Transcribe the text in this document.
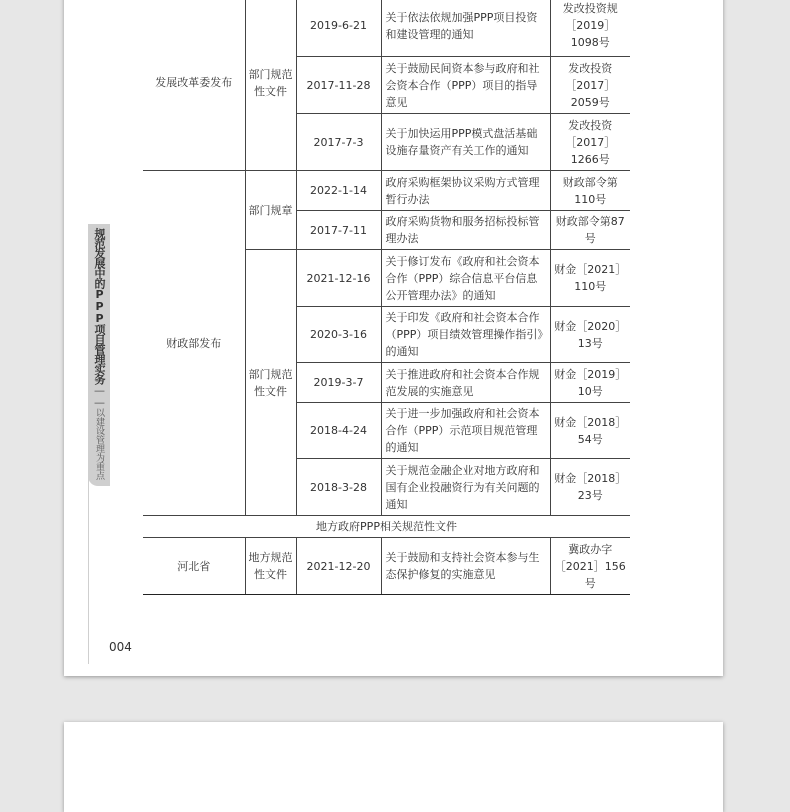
规范发展中的PPP项目管理实务——以建设管理为重点
发展改革委发布	部门规范性文件	2019-6-21	关于依法依规加强PPP项目投资和建设管理的通知	发改投资规［2019］1098号
		2017-11-28	关于鼓励民间资本参与政府和社会资本合作（PPP）项目的指导意见	发改投资［2017］2059号
		2017-7-3	关于加快运用PPP模式盘活基础设施存量资产有关工作的通知	发改投资［2017］1266号
财政部发布	部门规章	2022-1-14	政府采购框架协议采购方式管理暂行办法	财政部令第110号
		2017-7-11	政府采购货物和服务招标投标管理办法	财政部令第87号
	部门规范性文件	2021-12-16	关于修订发布《政府和社会资本合作（PPP）综合信息平台信息公开管理办法》的通知	财金［2021］110号
		2020-3-16	关于印发《政府和社会资本合作（PPP）项目绩效管理操作指引》的通知	财金［2020］13号
		2019-3-7	关于推进政府和社会资本合作规范发展的实施意见	财金［2019］10号
		2018-4-24	关于进一步加强政府和社会资本合作（PPP）示范项目规范管理的通知	财金［2018］54号
		2018-3-28	关于规范金融企业对地方政府和国有企业投融资行为有关问题的通知	财金［2018］23号
地方政府PPP相关规范性文件				
河北省	地方规范性文件	2021-12-20	关于鼓励和支持社会资本参与生态保护修复的实施意见	冀政办字［2021］156号
004
